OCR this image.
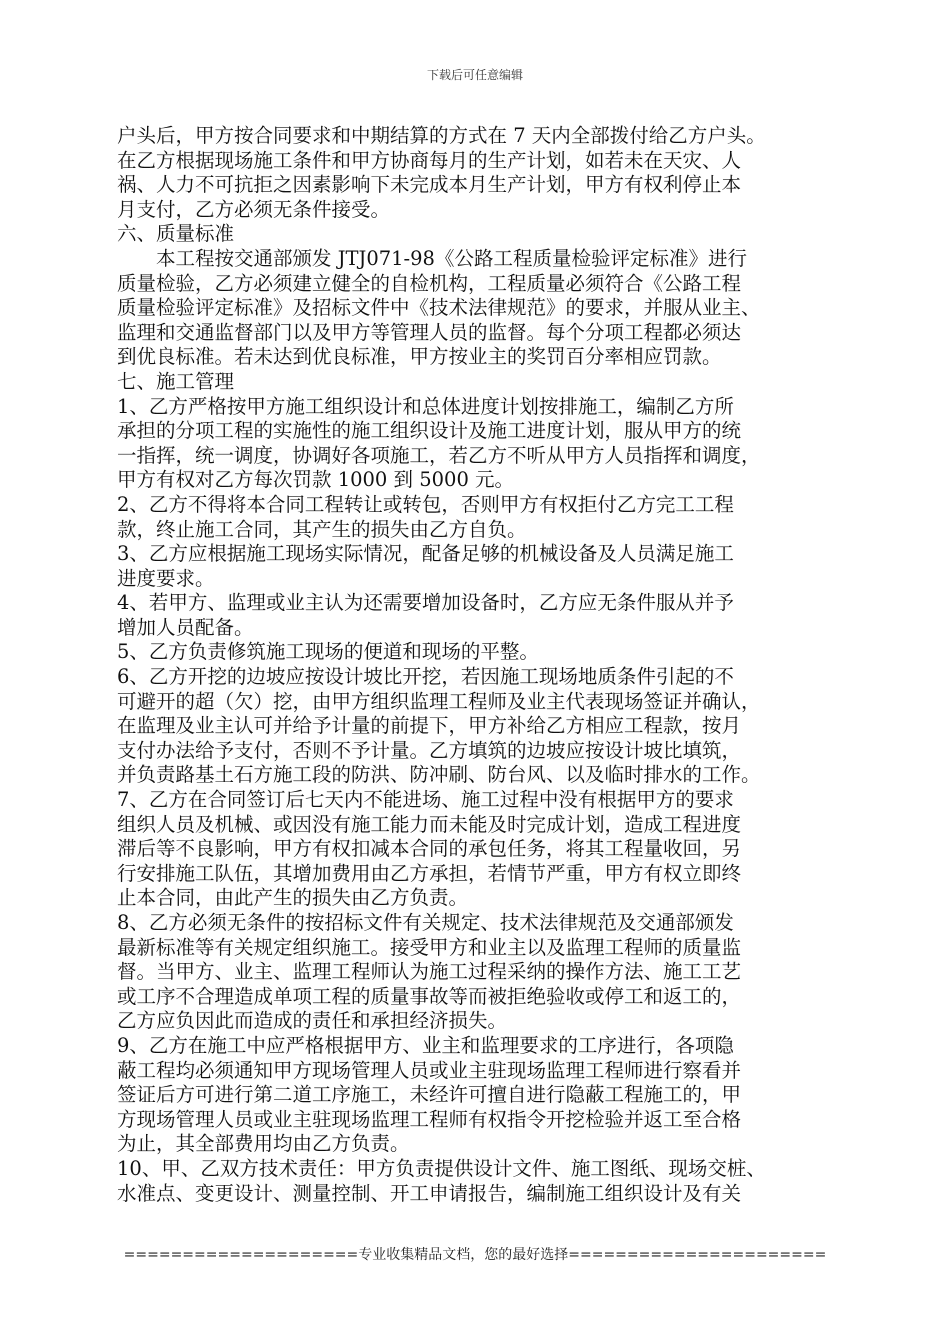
下载后可任意编辑
户头后，甲方按合同要求和中期结算的方式在 7 天内全部拨付给乙方户头。
在乙方根据现场施工条件和甲方协商每月的生产计划，如若未在天灾、人
祸、人力不可抗拒之因素影响下未完成本月生产计划，甲方有权利停止本
月支付，乙方必须无条件接受。
六、质量标准
　　本工程按交通部颁发 JTJ071-98《公路工程质量检验评定标准》进行
质量检验，乙方必须建立健全的自检机构，工程质量必须符合《公路工程
质量检验评定标准》及招标文件中《技术法律规范》的要求，并服从业主、
监理和交通监督部门以及甲方等管理人员的监督。每个分项工程都必须达
到优良标准。若未达到优良标准，甲方按业主的奖罚百分率相应罚款。
七、施工管理
1、乙方严格按甲方施工组织设计和总体进度计划按排施工，编制乙方所
承担的分项工程的实施性的施工组织设计及施工进度计划，服从甲方的统
一指挥，统一调度，协调好各项施工，若乙方不听从甲方人员指挥和调度，
甲方有权对乙方每次罚款 1000 到 5000 元。
2、乙方不得将本合同工程转让或转包，否则甲方有权拒付乙方完工工程
款，终止施工合同，其产生的损失由乙方自负。
3、乙方应根据施工现场实际情况，配备足够的机械设备及人员满足施工
进度要求。
4、若甲方、监理或业主认为还需要增加设备时，乙方应无条件服从并予
增加人员配备。
5、乙方负责修筑施工现场的便道和现场的平整。
6、乙方开挖的边坡应按设计坡比开挖，若因施工现场地质条件引起的不
可避开的超（欠）挖，由甲方组织监理工程师及业主代表现场签证并确认，
在监理及业主认可并给予计量的前提下，甲方补给乙方相应工程款，按月
支付办法给予支付，否则不予计量。乙方填筑的边坡应按设计坡比填筑，
并负责路基土石方施工段的防洪、防冲刷、防台风、以及临时排水的工作。
7、乙方在合同签订后七天内不能进场、施工过程中没有根据甲方的要求
组织人员及机械、或因没有施工能力而未能及时完成计划，造成工程进度
滞后等不良影响，甲方有权扣减本合同的承包任务，将其工程量收回，另
行安排施工队伍，其增加费用由乙方承担，若情节严重，甲方有权立即终
止本合同，由此产生的损失由乙方负责。
8、乙方必须无条件的按招标文件有关规定、技术法律规范及交通部颁发
最新标准等有关规定组织施工。接受甲方和业主以及监理工程师的质量监
督。当甲方、业主、监理工程师认为施工过程采纳的操作方法、施工工艺
或工序不合理造成单项工程的质量事故等而被拒绝验收或停工和返工的，
乙方应负因此而造成的责任和承担经济损失。
9、乙方在施工中应严格根据甲方、业主和监理要求的工序进行，各项隐
蔽工程均必须通知甲方现场管理人员或业主驻现场监理工程师进行察看并
签证后方可进行第二道工序施工，未经许可擅自进行隐蔽工程施工的，甲
方现场管理人员或业主驻现场监理工程师有权指令开挖检验并返工至合格
为止，其全部费用均由乙方负责。
10、甲、乙双方技术责任：甲方负责提供设计文件、施工图纸、现场交桩、
水准点、变更设计、测量控制、开工申请报告，编制施工组织设计及有关
====================专业收集精品文档，您的最好选择======================
